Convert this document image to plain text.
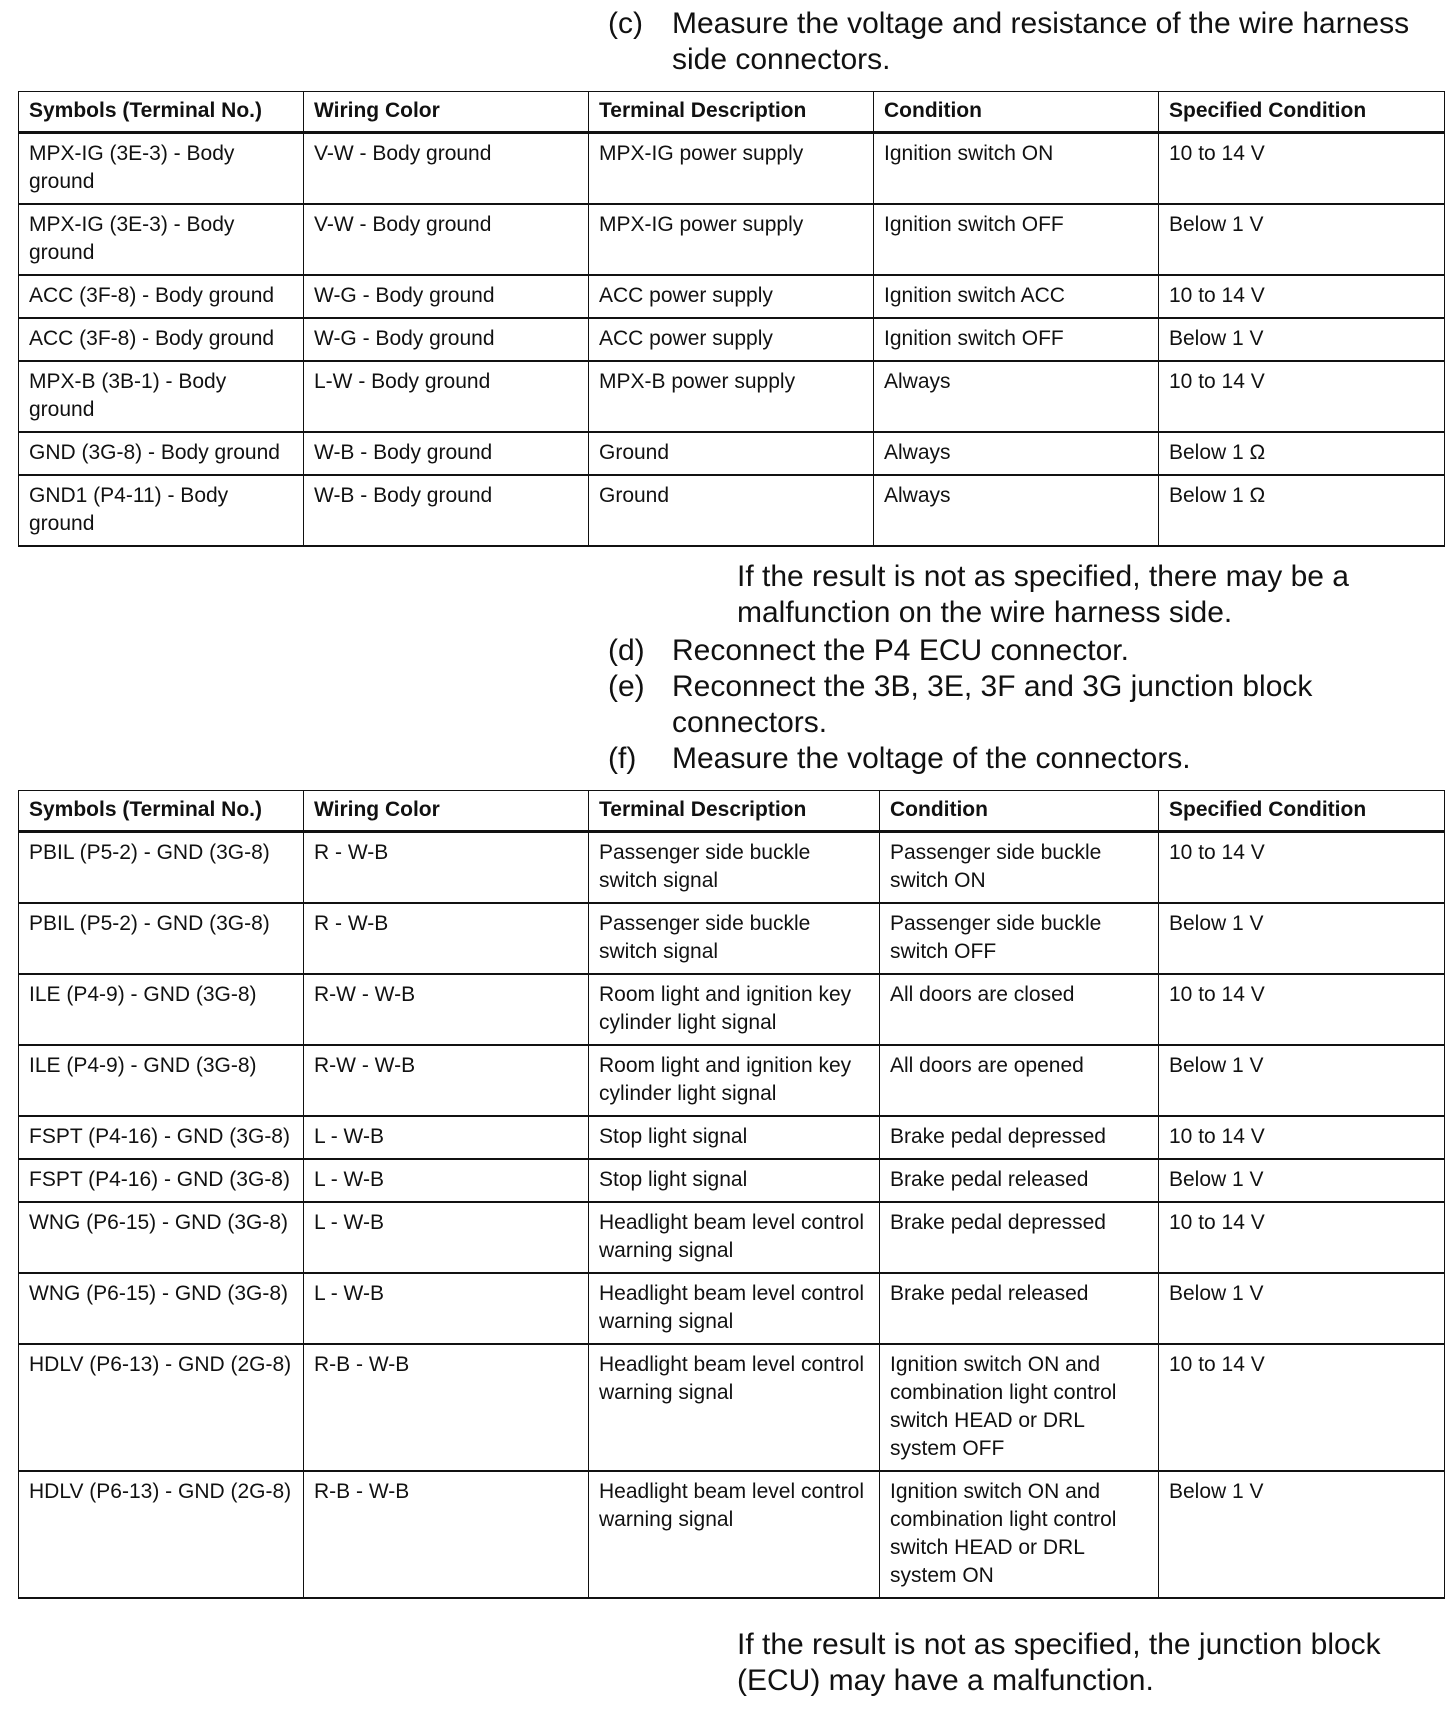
(c) Measure the voltage and resistance of the wire harness side connectors.
Symbols (Terminal No.)	Wiring Color	Terminal Description	Condition	Specified Condition
MPX-IG (3E-3) - Body ground	V-W - Body ground	MPX-IG power supply	Ignition switch ON	10 to 14 V
MPX-IG (3E-3) - Body ground	V-W - Body ground	MPX-IG power supply	Ignition switch OFF	Below 1 V
ACC (3F-8) - Body ground	W-G - Body ground	ACC power supply	Ignition switch ACC	10 to 14 V
ACC (3F-8) - Body ground	W-G - Body ground	ACC power supply	Ignition switch OFF	Below 1 V
MPX-B (3B-1) - Body ground	L-W - Body ground	MPX-B power supply	Always	10 to 14 V
GND (3G-8) - Body ground	W-B - Body ground	Ground	Always	Below 1 Ω
GND1 (P4-11) - Body ground	W-B - Body ground	Ground	Always	Below 1 Ω
If the result is not as specified, there may be a malfunction on the wire harness side.
(d) Reconnect the P4 ECU connector.
(e) Reconnect the 3B, 3E, 3F and 3G junction block connectors.
(f) Measure the voltage of the connectors.
Symbols (Terminal No.)	Wiring Color	Terminal Description	Condition	Specified Condition
PBIL (P5-2) - GND (3G-8)	R - W-B	Passenger side buckle switch signal	Passenger side buckle switch ON	10 to 14 V
PBIL (P5-2) - GND (3G-8)	R - W-B	Passenger side buckle switch signal	Passenger side buckle switch OFF	Below 1 V
ILE (P4-9) - GND (3G-8)	R-W - W-B	Room light and ignition key cylinder light signal	All doors are closed	10 to 14 V
ILE (P4-9) - GND (3G-8)	R-W - W-B	Room light and ignition key cylinder light signal	All doors are opened	Below 1 V
FSPT (P4-16) - GND (3G-8)	L - W-B	Stop light signal	Brake pedal depressed	10 to 14 V
FSPT (P4-16) - GND (3G-8)	L - W-B	Stop light signal	Brake pedal released	Below 1 V
WNG (P6-15) - GND (3G-8)	L - W-B	Headlight beam level control warning signal	Brake pedal depressed	10 to 14 V
WNG (P6-15) - GND (3G-8)	L - W-B	Headlight beam level control warning signal	Brake pedal released	Below 1 V
HDLV (P6-13) - GND (2G-8)	R-B - W-B	Headlight beam level control warning signal	Ignition switch ON and combination light control switch HEAD or DRL system OFF	10 to 14 V
HDLV (P6-13) - GND (2G-8)	R-B - W-B	Headlight beam level control warning signal	Ignition switch ON and combination light control switch HEAD or DRL system ON	Below 1 V
If the result is not as specified, the junction block (ECU) may have a malfunction.
